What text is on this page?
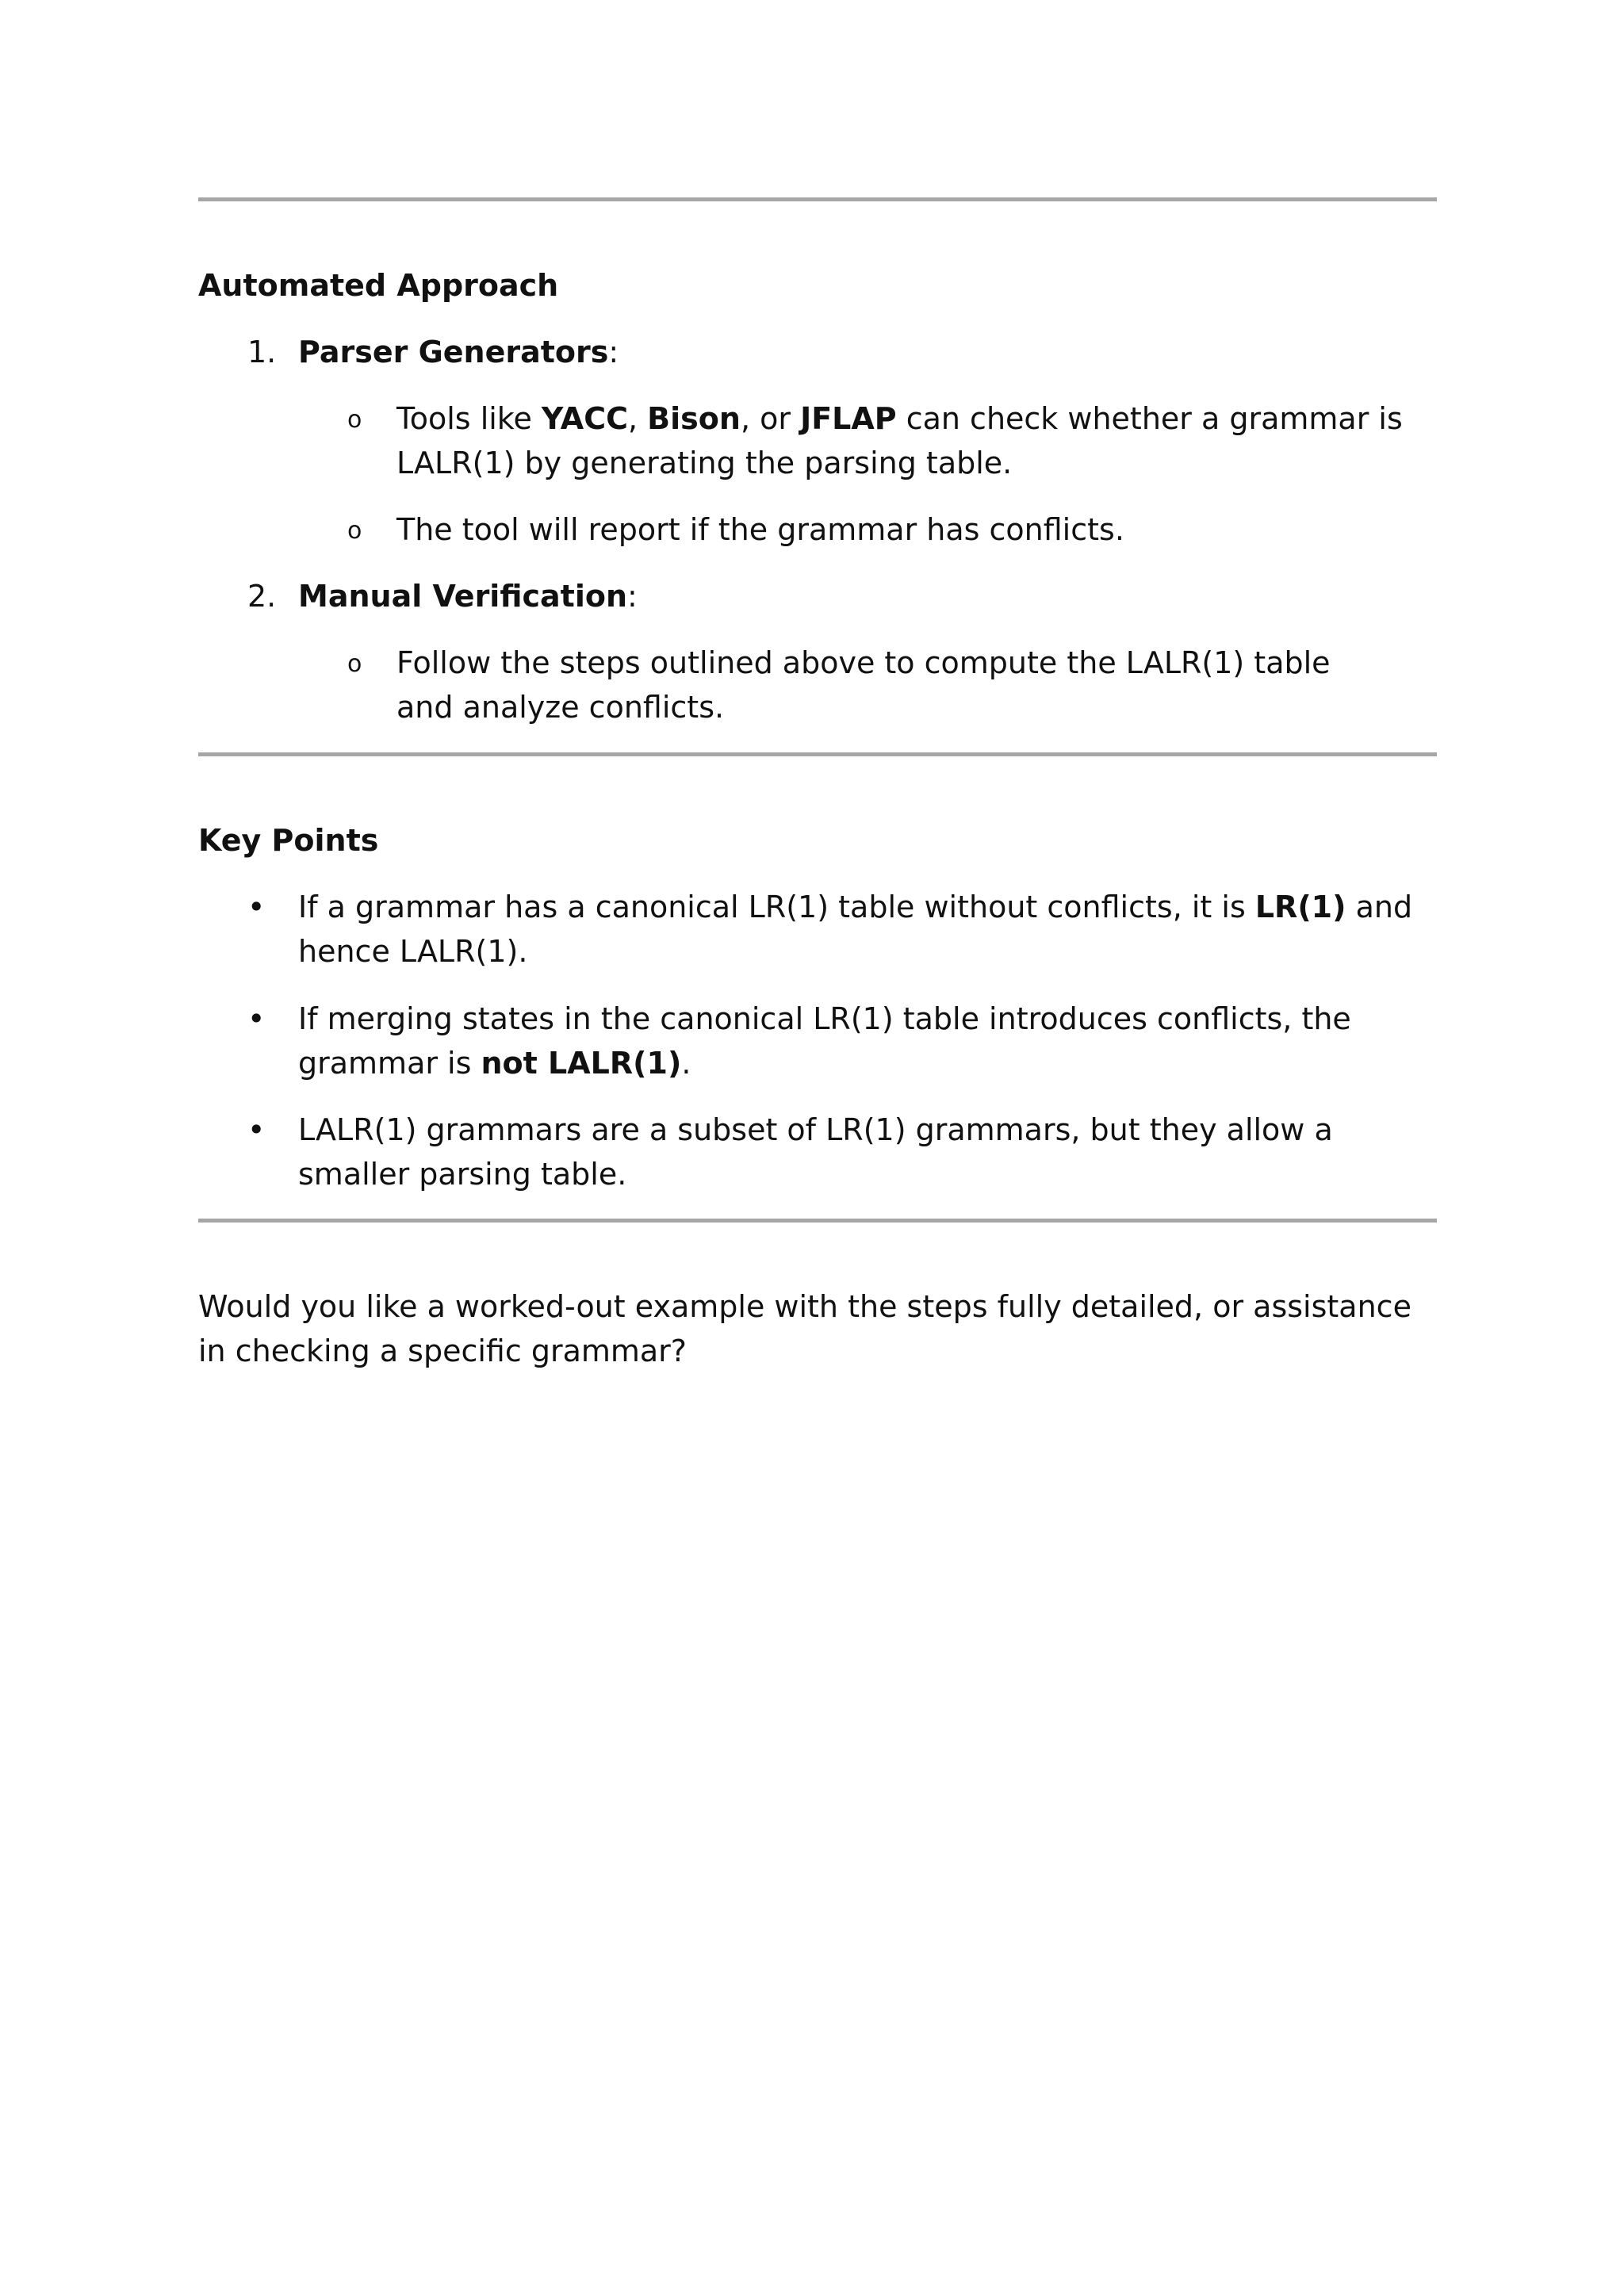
Automated Approach
1. Parser Generators:
o Tools like YACC, Bison, or JFLAP can check whether a grammar is LALR(1) by generating the parsing table.
o The tool will report if the grammar has conflicts.
2. Manual Verification:
o Follow the steps outlined above to compute the LALR(1) table and analyze conflicts.
Key Points
• If a grammar has a canonical LR(1) table without conflicts, it is LR(1) and hence LALR(1).
• If merging states in the canonical LR(1) table introduces conflicts, the grammar is not LALR(1).
• LALR(1) grammars are a subset of LR(1) grammars, but they allow a smaller parsing table.
Would you like a worked-out example with the steps fully detailed, or assistance in checking a specific grammar?
